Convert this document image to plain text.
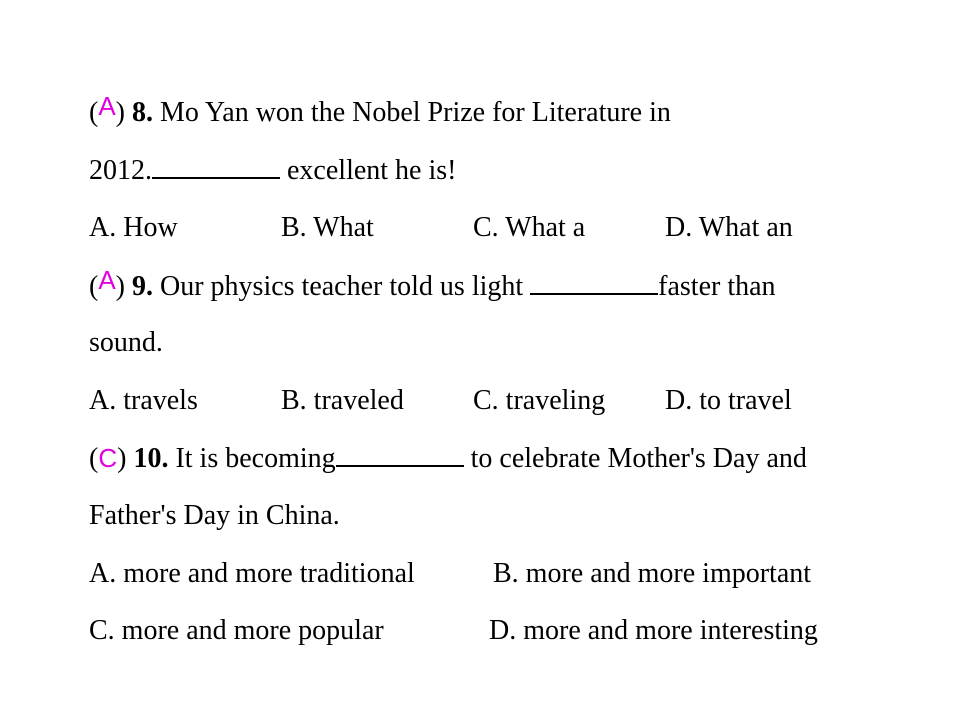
(A) 8. Mo Yan won the Nobel Prize for Literature in
2012.	excellent he is!
A. How	B. What	C. What a	D. What an
(A) 9. Our physics teacher told us light	faster than
sound.
A. travels	B. traveled C. traveling D. to travel
(C) 10. It is becoming	to celebrate Mother's Day and
Father's Day in China.
A. more and more traditional	B. more and more important
C. more and more popular	D. more and more interesting
